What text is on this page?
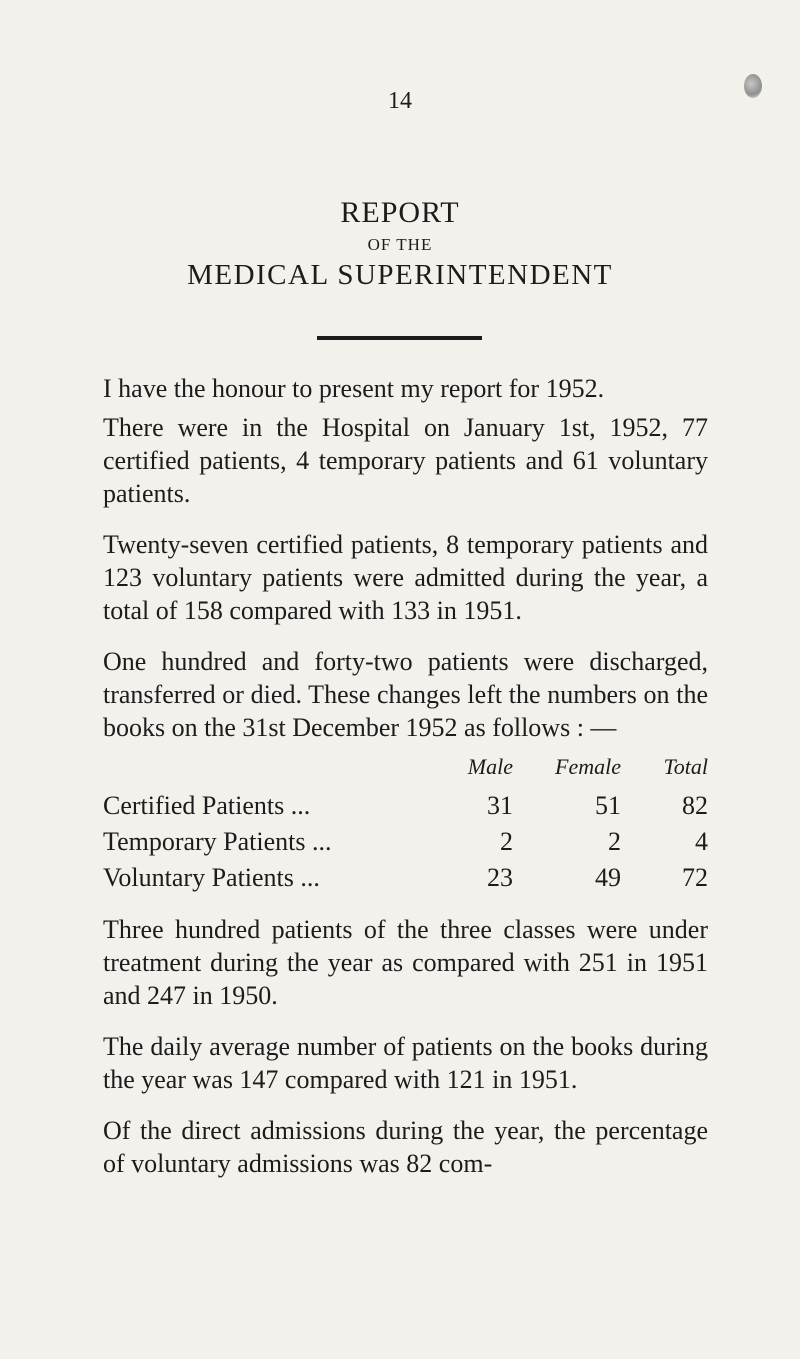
14
REPORT
OF THE
MEDICAL SUPERINTENDENT

I have the honour to present my report for 1952.

There were in the Hospital on January 1st, 1952, 77 certified patients, 4 temporary patients and 61 voluntary patients.

Twenty-seven certified patients, 8 temporary patients and 123 voluntary patients were admitted during the year, a total of 158 compared with 133 in 1951.

One hundred and forty-two patients were discharged, transferred or died. These changes left the numbers on the books on the 31st December 1952 as follows : —

	Male	Female	Total
Certified Patients ...	31	51	82
Temporary Patients ...	2	2	4
Voluntary Patients ...	23	49	72

Three hundred patients of the three classes were under treatment during the year as compared with 251 in 1951 and 247 in 1950.

The daily average number of patients on the books during the year was 147 compared with 121 in 1951.

Of the direct admissions during the year, the percentage of voluntary admissions was 82 com-
